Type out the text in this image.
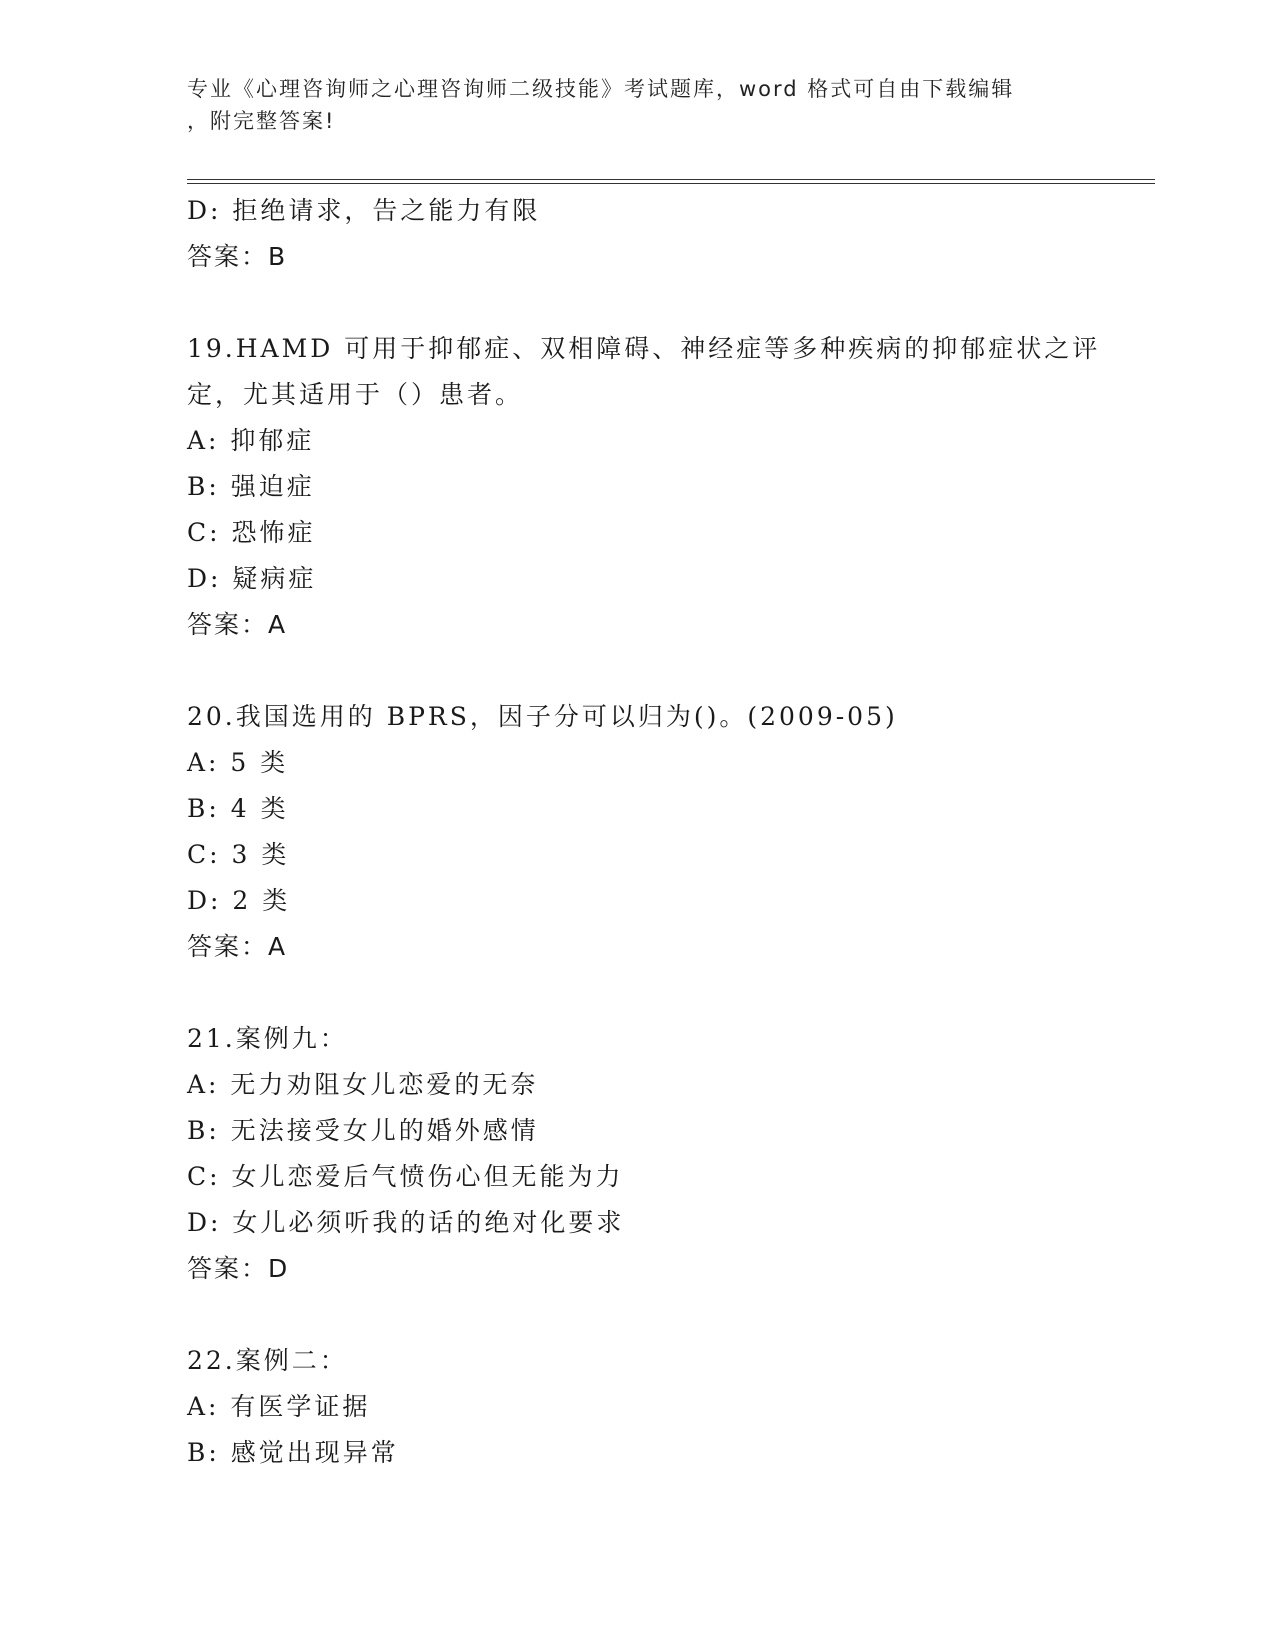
专业《心理咨询师之心理咨询师二级技能》考试题库，word 格式可自由下载编辑
，附完整答案!
D: 拒绝请求，告之能力有限
答案：B
19.HAMD 可用于抑郁症、双相障碍、神经症等多种疾病的抑郁症状之评
定，尤其适用于（）患者。
A: 抑郁症
B: 强迫症
C: 恐怖症
D: 疑病症
答案：A
20.我国选用的 BPRS，因子分可以归为()。(2009-05)
A: 5 类
B: 4 类
C: 3 类
D: 2 类
答案：A
21.案例九：
A: 无力劝阻女儿恋爱的无奈
B: 无法接受女儿的婚外感情
C: 女儿恋爱后气愤伤心但无能为力
D: 女儿必须听我的话的绝对化要求
答案：D
22.案例二：
A: 有医学证据
B: 感觉出现异常
